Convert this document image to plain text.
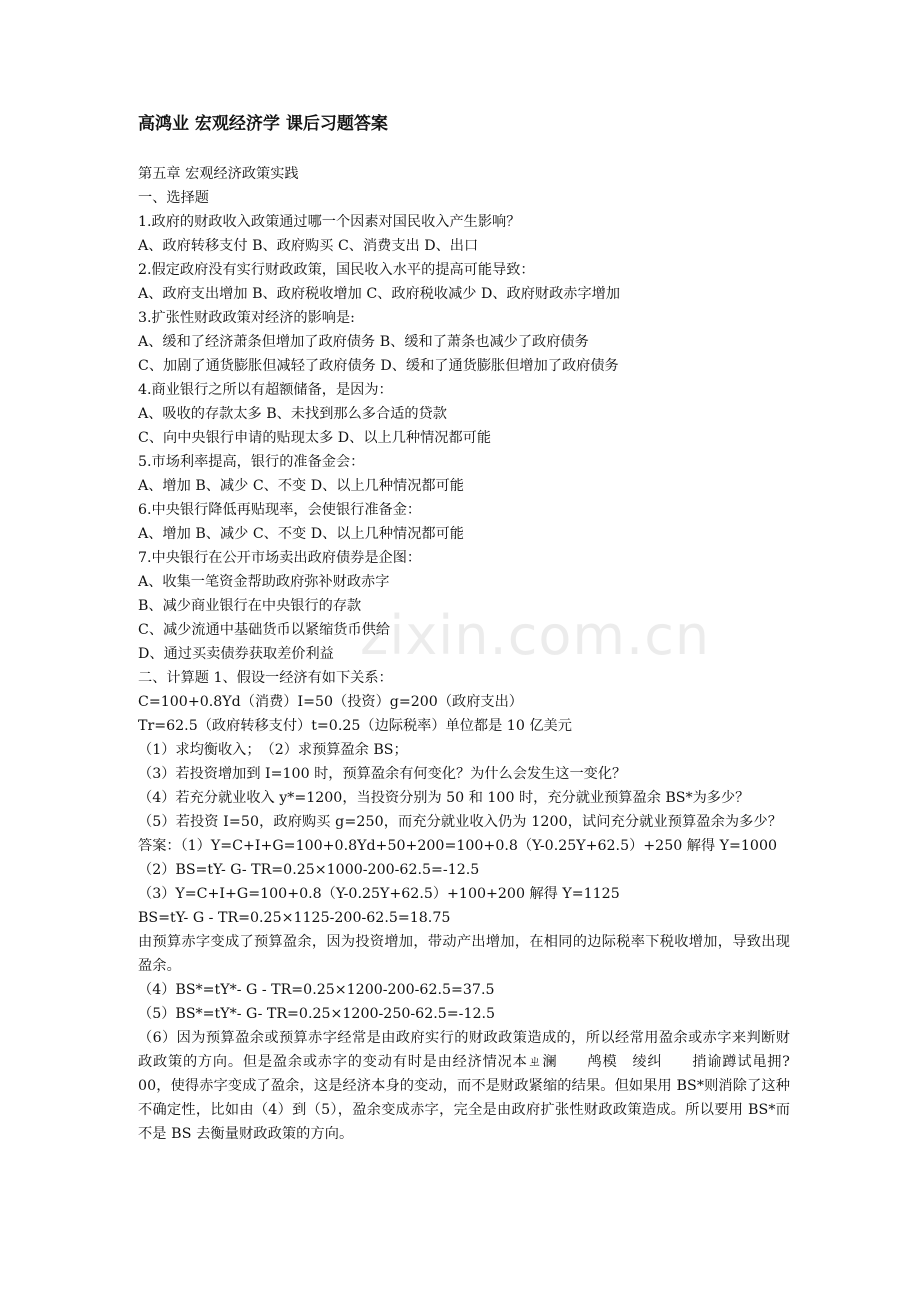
zixin.com.cn
高鸿业 宏观经济学 课后习题答案
第五章 宏观经济政策实践
一、选择题
1.政府的财政收入政策通过哪一个因素对国民收入产生影响？
A、政府转移支付 B、政府购买 C、消费支出 D、出口
2.假定政府没有实行财政政策，国民收入水平的提高可能导致：
A、政府支出增加 B、政府税收增加 C、政府税收减少 D、政府财政赤字增加
3.扩张性财政政策对经济的影响是:
A、缓和了经济萧条但增加了政府债务 B、缓和了萧条也减少了政府债务
C、加剧了通货膨胀但减轻了政府债务 D、缓和了通货膨胀但增加了政府债务
4.商业银行之所以有超额储备，是因为：
A、吸收的存款太多 B、未找到那么多合适的贷款
C、向中央银行申请的贴现太多 D、以上几种情况都可能
5.市场利率提高，银行的准备金会：
A、增加 B、减少 C、不变 D、以上几种情况都可能
6.中央银行降低再贴现率，会使银行准备金：
A、增加 B、减少 C、不变 D、以上几种情况都可能
7.中央银行在公开市场卖出政府债券是企图：
A、收集一笔资金帮助政府弥补财政赤字
B、减少商业银行在中央银行的存款
C、减少流通中基础货币以紧缩货币供给
D、通过买卖债券获取差价利益
二、计算题 1、假设一经济有如下关系：
C=100+0.8Yd（消费）I=50（投资）g=200（政府支出）
Tr=62.5（政府转移支付）t=0.25（边际税率）单位都是 10 亿美元
（1）求均衡收入；　（2）求预算盈余 BS；
（3）若投资增加到 I=100 时，预算盈余有何变化？为什么会发生这一变化？
（4）若充分就业收入 y*=1200，当投资分别为 50 和 100 时，充分就业预算盈余 BS*为多少？
（5）若投资 I=50，政府购买 g=250，而充分就业收入仍为 1200，试问充分就业预算盈余为多少？
答案：（1）Y=C+I+G=100+0.8Yd+50+200=100+0.8（Y-0.25Y+62.5）+250 解得 Y=1000
（2）BS=tY- G- TR=0.25×1000-200-62.5=-12.5
（3）Y=C+I+G=100+0.8（Y-0.25Y+62.5）+100+200 解得 Y=1125
BS=tY- G - TR=0.25×1125-200-62.5=18.75
由预算赤字变成了预算盈余，因为投资增加，带动产出增加，在相同的边际税率下税收增加，导致出现盈余。
（4）BS*=tY*- G - TR=0.25×1200-200-62.5=37.5
（5）BS*=tY*- G- TR=0.25×1200-250-62.5=-12.5
（6）因为预算盈余或预算赤字经常是由政府实行的财政政策造成的，所以经常用盈余或赤字来判断财政政策的方向。但是盈余或赤字的变动有时是由经济情况本ㄓ澜　　鸬模　绫纠　　捎谕蹲试黾拥?00，使得赤字变成了盈余，这是经济本身的变动，而不是财政紧缩的结果。但如果用 BS*则消除了这种不确定性，比如由（4）到（5），盈余变成赤字，完全是由政府扩张性财政政策造成。所以要用 BS*而不是 BS 去衡量财政政策的方向。
